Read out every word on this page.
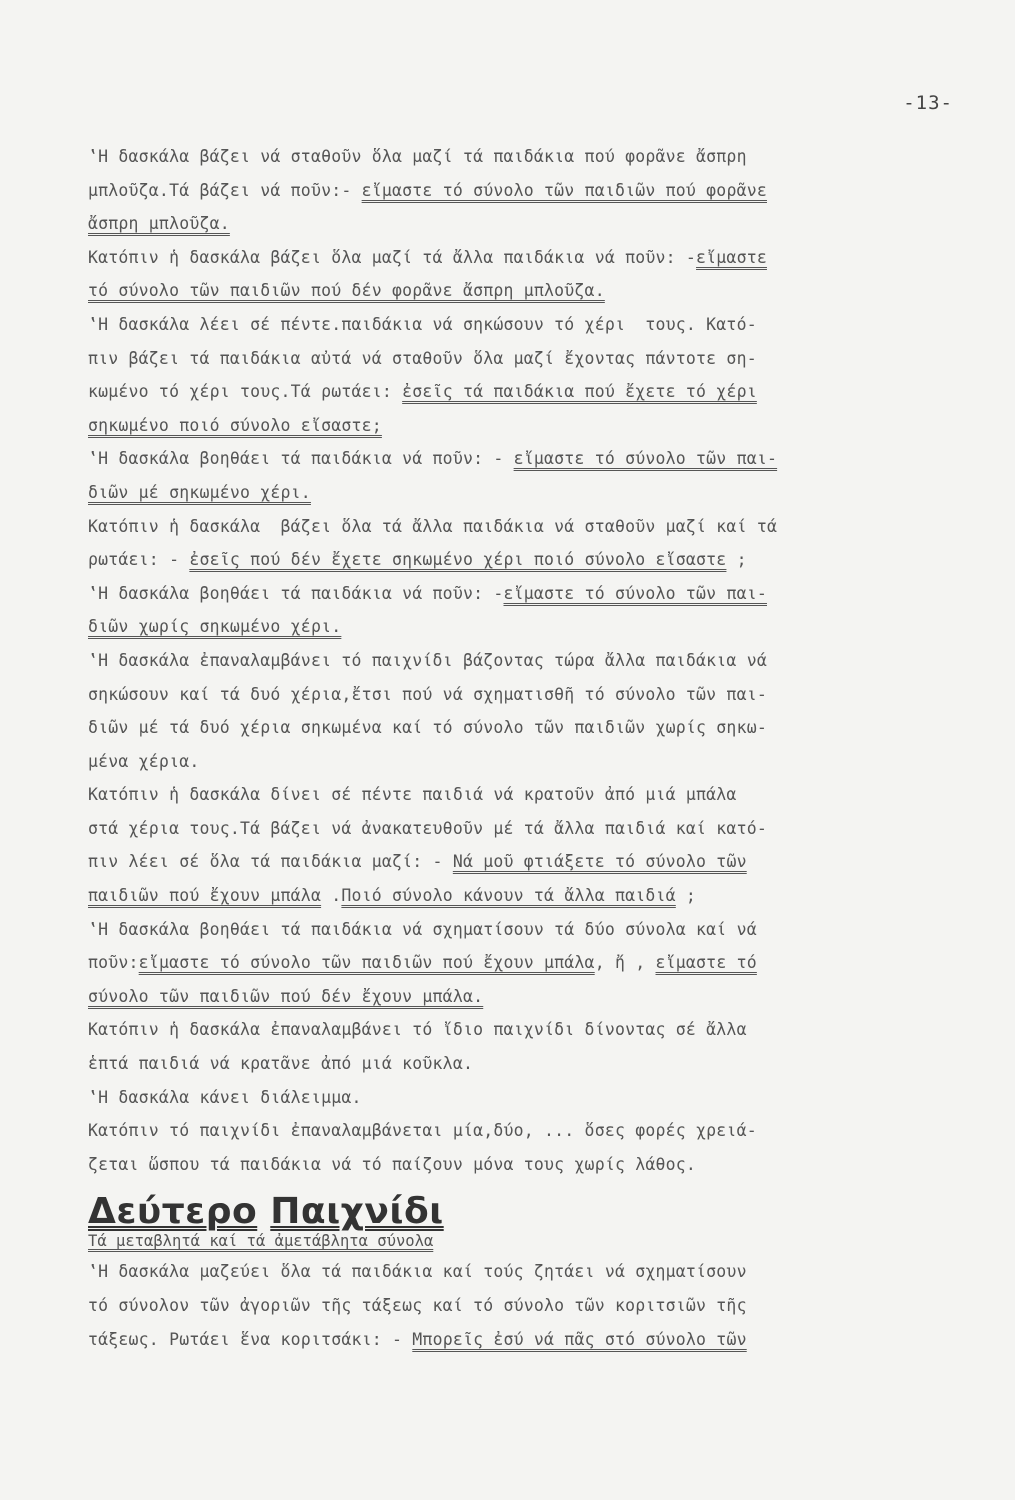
-13-
‛Η δασκάλα βάζει νά σταθοῦν ὅλα μαζί τά παιδάκια πού φορᾶνε ἄσπρη
μπλοῦζα.Τά βάζει νά ποῦν:- εἴμαστε τό σύνολο τῶν παιδιῶν πού φορᾶνε
ἄσπρη μπλοῦζα.
Κατόπιν ἡ δασκάλα βάζει ὅλα μαζί τά ἄλλα παιδάκια νά ποῦν: -εἴμαστε
τό σύνολο τῶν παιδιῶν πού δέν φορᾶνε ἄσπρη μπλοῦζα.
‛Η δασκάλα λέει σέ πέντε.παιδάκια νά σηκώσουν τό χέρι  τους. Κατό-
πιν βάζει τά παιδάκια αὐτά νά σταθοῦν ὅλα μαζί ἔχοντας πάντοτε ση-
κωμένο τό χέρι τους.Τά ρωτάει: ἐσεῖς τά παιδάκια πού ἔχετε τό χέρι
σηκωμένο ποιό σύνολο εἴσαστε;
‛Η δασκάλα βοηθάει τά παιδάκια νά ποῦν: - εἴμαστε τό σύνολο τῶν παι-
διῶν μέ σηκωμένο χέρι.
Κατόπιν ἡ δασκάλα  βάζει ὅλα τά ἄλλα παιδάκια νά σταθοῦν μαζί καί τά
ρωτάει: - ἐσεῖς πού δέν ἔχετε σηκωμένο χέρι ποιό σύνολο εἴσαστε ;
‛Η δασκάλα βοηθάει τά παιδάκια νά ποῦν: -εἴμαστε τό σύνολο τῶν παι-
διῶν χωρίς σηκωμένο χέρι.
‛Η δασκάλα ἐπαναλαμβάνει τό παιχνίδι βάζοντας τώρα ἄλλα παιδάκια νά
σηκώσουν καί τά δυό χέρια,ἔτσι πού νά σχηματισθῆ τό σύνολο τῶν παι-
διῶν μέ τά δυό χέρια σηκωμένα καί τό σύνολο τῶν παιδιῶν χωρίς σηκω-
μένα χέρια.
Κατόπιν ἡ δασκάλα δίνει σέ πέντε παιδιά νά κρατοῦν ἀπό μιά μπάλα
στά χέρια τους.Τά βάζει νά ἀνακατευθοῦν μέ τά ἄλλα παιδιά καί κατό-
πιν λέει σέ ὅλα τά παιδάκια μαζί: - Νά μοῦ φτιάξετε τό σύνολο τῶν
παιδιῶν πού ἔχουν μπάλα .Ποιό σύνολο κάνουν τά ἄλλα παιδιά ;
‛Η δασκάλα βοηθάει τά παιδάκια νά σχηματίσουν τά δύο σύνολα καί νά
ποῦν:εἴμαστε τό σύνολο τῶν παιδιῶν πού ἔχουν μπάλα, ἤ , εἴμαστε τό
σύνολο τῶν παιδιῶν πού δέν ἔχουν μπάλα.
Κατόπιν ἡ δασκάλα ἐπαναλαμβάνει τό ἴδιο παιχνίδι δίνοντας σέ ἄλλα
ἑπτά παιδιά νά κρατᾶνε ἀπό μιά κοῦκλα.
‛Η δασκάλα κάνει διάλειμμα.
Κατόπιν τό παιχνίδι ἐπαναλαμβάνεται μία,δύο, ... ὅσες φορές χρειά-
ζεται ὥσπου τά παιδάκια νά τό παίζουν μόνα τους χωρίς λάθος.
Δεύτερο Παιχνίδι
Τά μεταβλητά καί τά ἀμετάβλητα σύνολα
‛Η δασκάλα μαζεύει ὅλα τά παιδάκια καί τούς ζητάει νά σχηματίσουν
τό σύνολον τῶν ἀγοριῶν τῆς τάξεως καί τό σύνολο τῶν κοριτσιῶν τῆς
τάξεως. Ρωτάει ἕνα κοριτσάκι: - Μπορεῖς ἐσύ νά πᾶς στό σύνολο τῶν
